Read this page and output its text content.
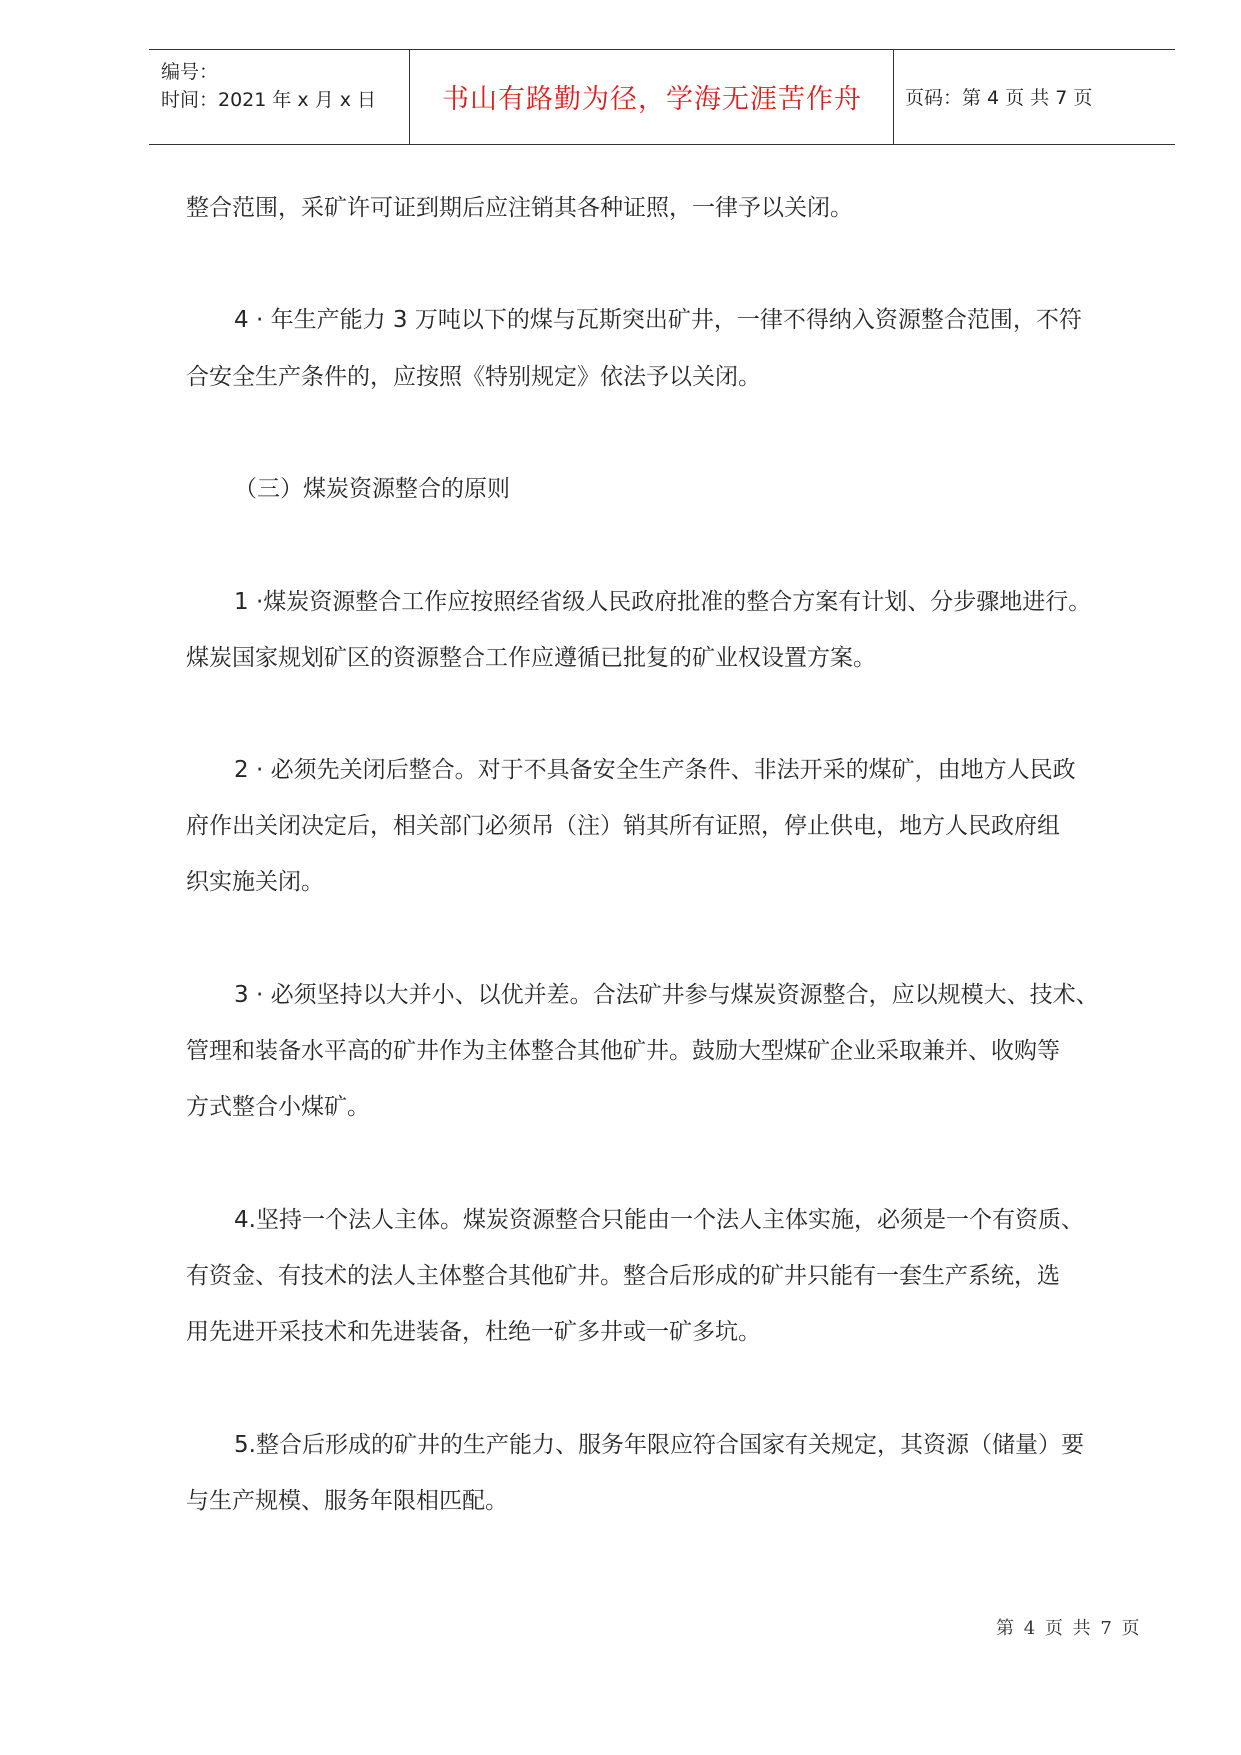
编号：
时间：2021 年 x 月 x 日	书山有路勤为径，学海无涯苦作舟	页码：第 4 页 共 7 页
整合范围，采矿许可证到期后应注销其各种证照，一律予以关闭。
4 · 年生产能力 3 万吨以下的煤与瓦斯突出矿井，一律不得纳入资源整合范围，不符
合安全生产条件的，应按照《特别规定》依法予以关闭。
（三）煤炭资源整合的原则
1 ·煤炭资源整合工作应按照经省级人民政府批准的整合方案有计划、分步骤地进行。
煤炭国家规划矿区的资源整合工作应遵循已批复的矿业权设置方案。
2 · 必须先关闭后整合。对于不具备安全生产条件、非法开采的煤矿，由地方人民政
府作出关闭决定后，相关部门必须吊（注）销其所有证照，停止供电，地方人民政府组
织实施关闭。
3 · 必须坚持以大并小、以优并差。合法矿井参与煤炭资源整合，应以规模大、技术、
管理和装备水平高的矿井作为主体整合其他矿井。鼓励大型煤矿企业采取兼并、收购等
方式整合小煤矿。
4.坚持一个法人主体。煤炭资源整合只能由一个法人主体实施，必须是一个有资质、
有资金、有技术的法人主体整合其他矿井。整合后形成的矿井只能有一套生产系统，选
用先进开采技术和先进装备，杜绝一矿多井或一矿多坑。
5.整合后形成的矿井的生产能力、服务年限应符合国家有关规定，其资源（储量）要
与生产规模、服务年限相匹配。
第 4 页 共 7 页
